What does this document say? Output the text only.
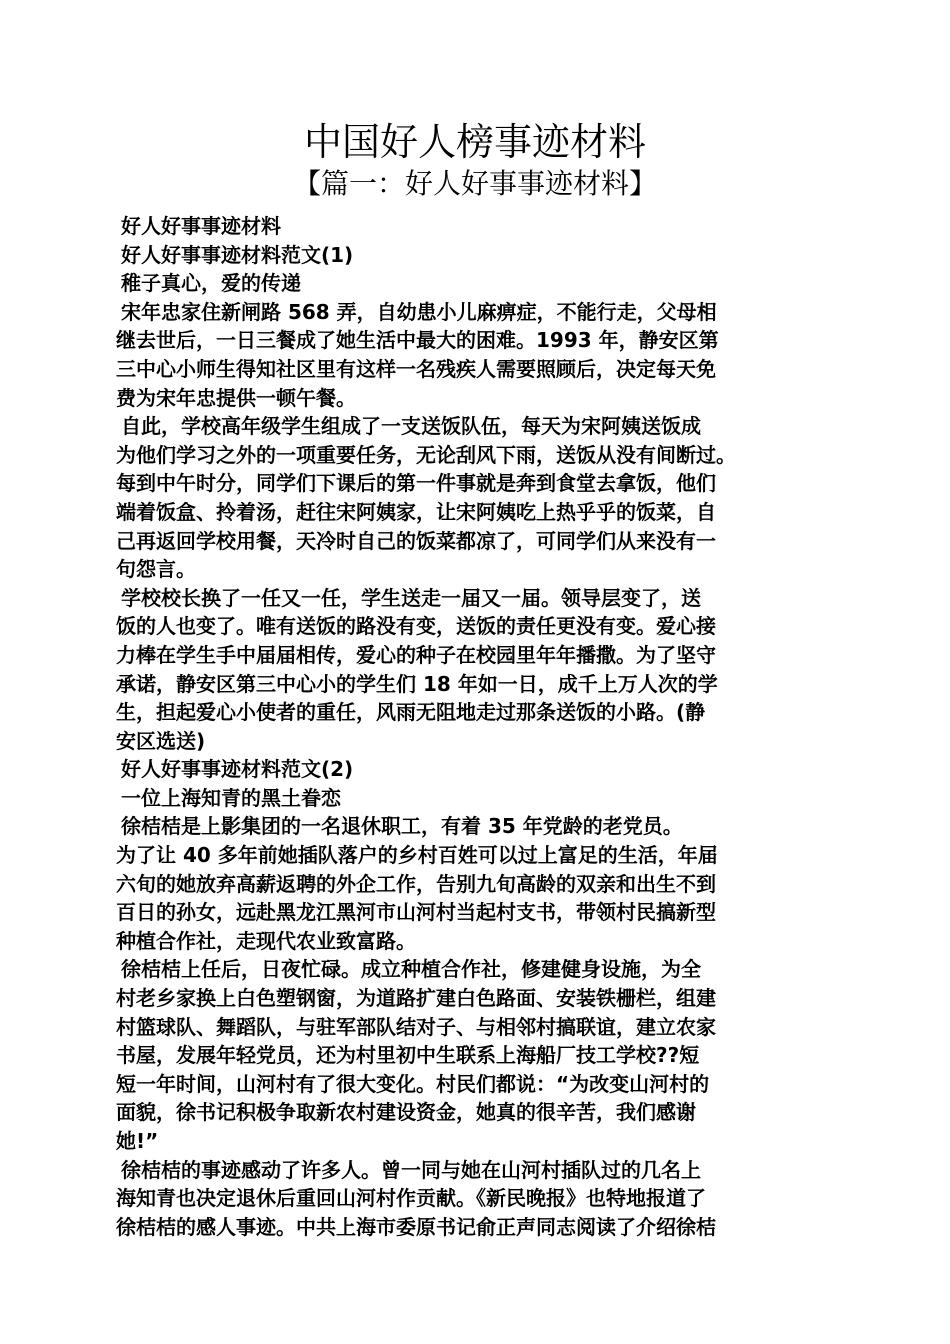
中国好人榜事迹材料
【篇一：好人好事事迹材料】
好人好事事迹材料
好人好事事迹材料范文(1)
稚子真心，爱的传递
宋年忠家住新闸路 568 弄，自幼患小儿麻痹症，不能行走，父母相
继去世后，一日三餐成了她生活中最大的困难。1993 年，静安区第
三中心小师生得知社区里有这样一名残疾人需要照顾后，决定每天免
费为宋年忠提供一顿午餐。
自此，学校高年级学生组成了一支送饭队伍，每天为宋阿姨送饭成
为他们学习之外的一项重要任务，无论刮风下雨，送饭从没有间断过。
每到中午时分，同学们下课后的第一件事就是奔到食堂去拿饭，他们
端着饭盒、拎着汤，赶往宋阿姨家，让宋阿姨吃上热乎乎的饭菜，自
己再返回学校用餐，天冷时自己的饭菜都凉了，可同学们从来没有一
句怨言。
学校校长换了一任又一任，学生送走一届又一届。领导层变了，送
饭的人也变了。唯有送饭的路没有变，送饭的责任更没有变。爱心接
力棒在学生手中届届相传，爱心的种子在校园里年年播撒。为了坚守
承诺，静安区第三中心小的学生们 18 年如一日，成千上万人次的学
生，担起爱心小使者的重任，风雨无阻地走过那条送饭的小路。(静
安区选送)
好人好事事迹材料范文(2)
一位上海知青的黑土眷恋
徐桔桔是上影集团的一名退休职工，有着 35 年党龄的老党员。
为了让 40 多年前她插队落户的乡村百姓可以过上富足的生活，年届
六旬的她放弃高薪返聘的外企工作，告别九旬高龄的双亲和出生不到
百日的孙女，远赴黑龙江黑河市山河村当起村支书，带领村民搞新型
种植合作社，走现代农业致富路。
徐桔桔上任后，日夜忙碌。成立种植合作社，修建健身设施，为全
村老乡家换上白色塑钢窗，为道路扩建白色路面、安装铁栅栏，组建
村篮球队、舞蹈队，与驻军部队结对子、与相邻村搞联谊，建立农家
书屋，发展年轻党员，还为村里初中生联系上海船厂技工学校??短
短一年时间，山河村有了很大变化。村民们都说：“为改变山河村的
面貌，徐书记积极争取新农村建设资金，她真的很辛苦，我们感谢
她!”
徐桔桔的事迹感动了许多人。曾一同与她在山河村插队过的几名上
海知青也决定退休后重回山河村作贡献。《新民晚报》也特地报道了
徐桔桔的感人事迹。中共上海市委原书记俞正声同志阅读了介绍徐桔
